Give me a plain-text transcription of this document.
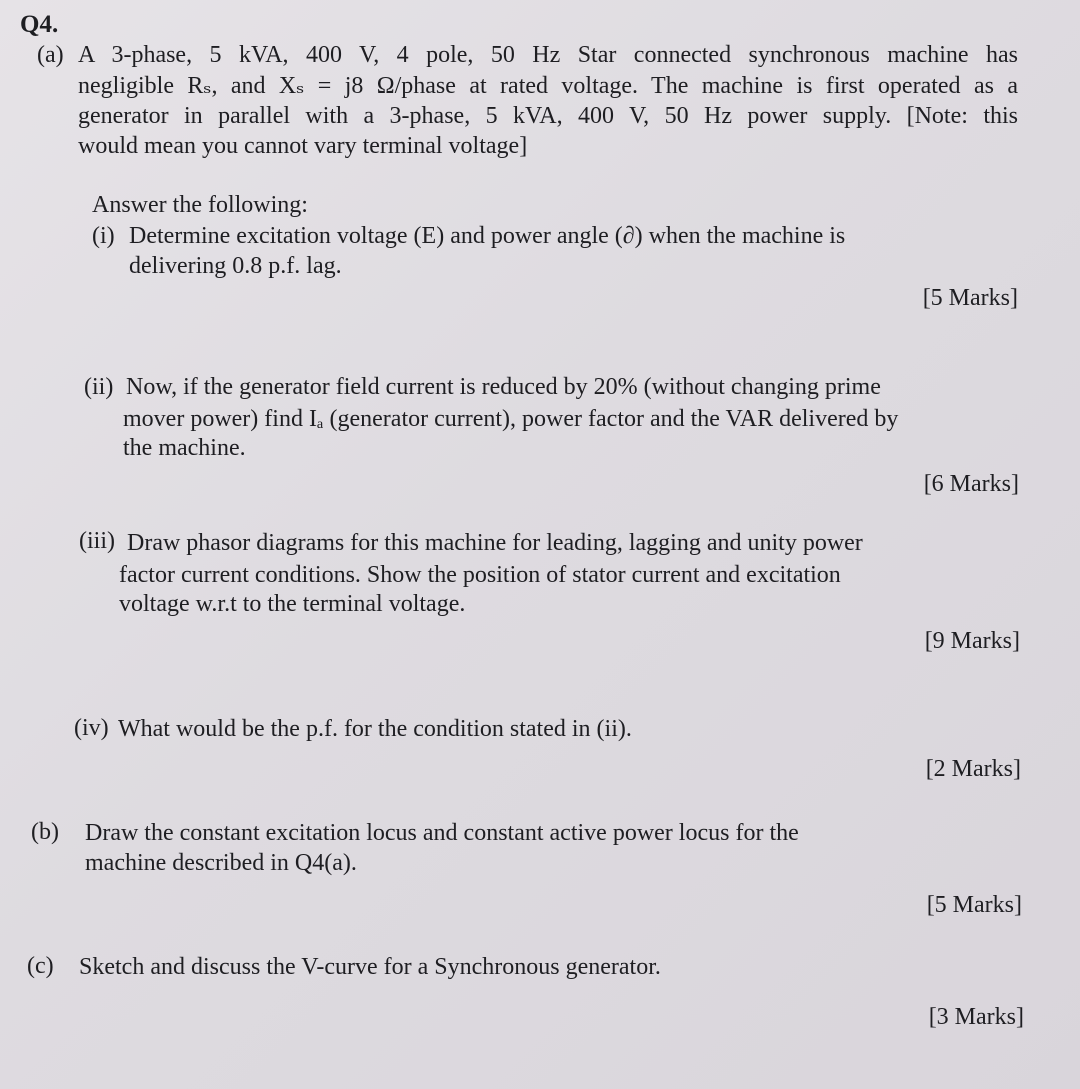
Q4.
(a) A 3-phase, 5 kVA, 400 V, 4 pole, 50 Hz Star connected synchronous machine has
negligible Rₛ, and Xₛ = j8 Ω/phase at rated voltage. The machine is first operated as a
generator in parallel with a 3-phase, 5 kVA, 400 V, 50 Hz power supply. [Note: this
would mean you cannot vary terminal voltage]
Answer the following:
(i) Determine excitation voltage (E) and power angle (∂) when the machine is
delivering 0.8 p.f. lag.
[5 Marks]
(ii) Now, if the generator field current is reduced by 20% (without changing prime
mover power) find Iₐ (generator current), power factor and the VAR delivered by
the machine.
[6 Marks]
(iii) Draw phasor diagrams for this machine for leading, lagging and unity power
factor current conditions. Show the position of stator current and excitation
voltage w.r.t to the terminal voltage.
[9 Marks]
(iv) What would be the p.f. for the condition stated in (ii).
[2 Marks]
(b) Draw the constant excitation locus and constant active power locus for the
machine described in Q4(a).
[5 Marks]
(c) Sketch and discuss the V-curve for a Synchronous generator.
[3 Marks]
